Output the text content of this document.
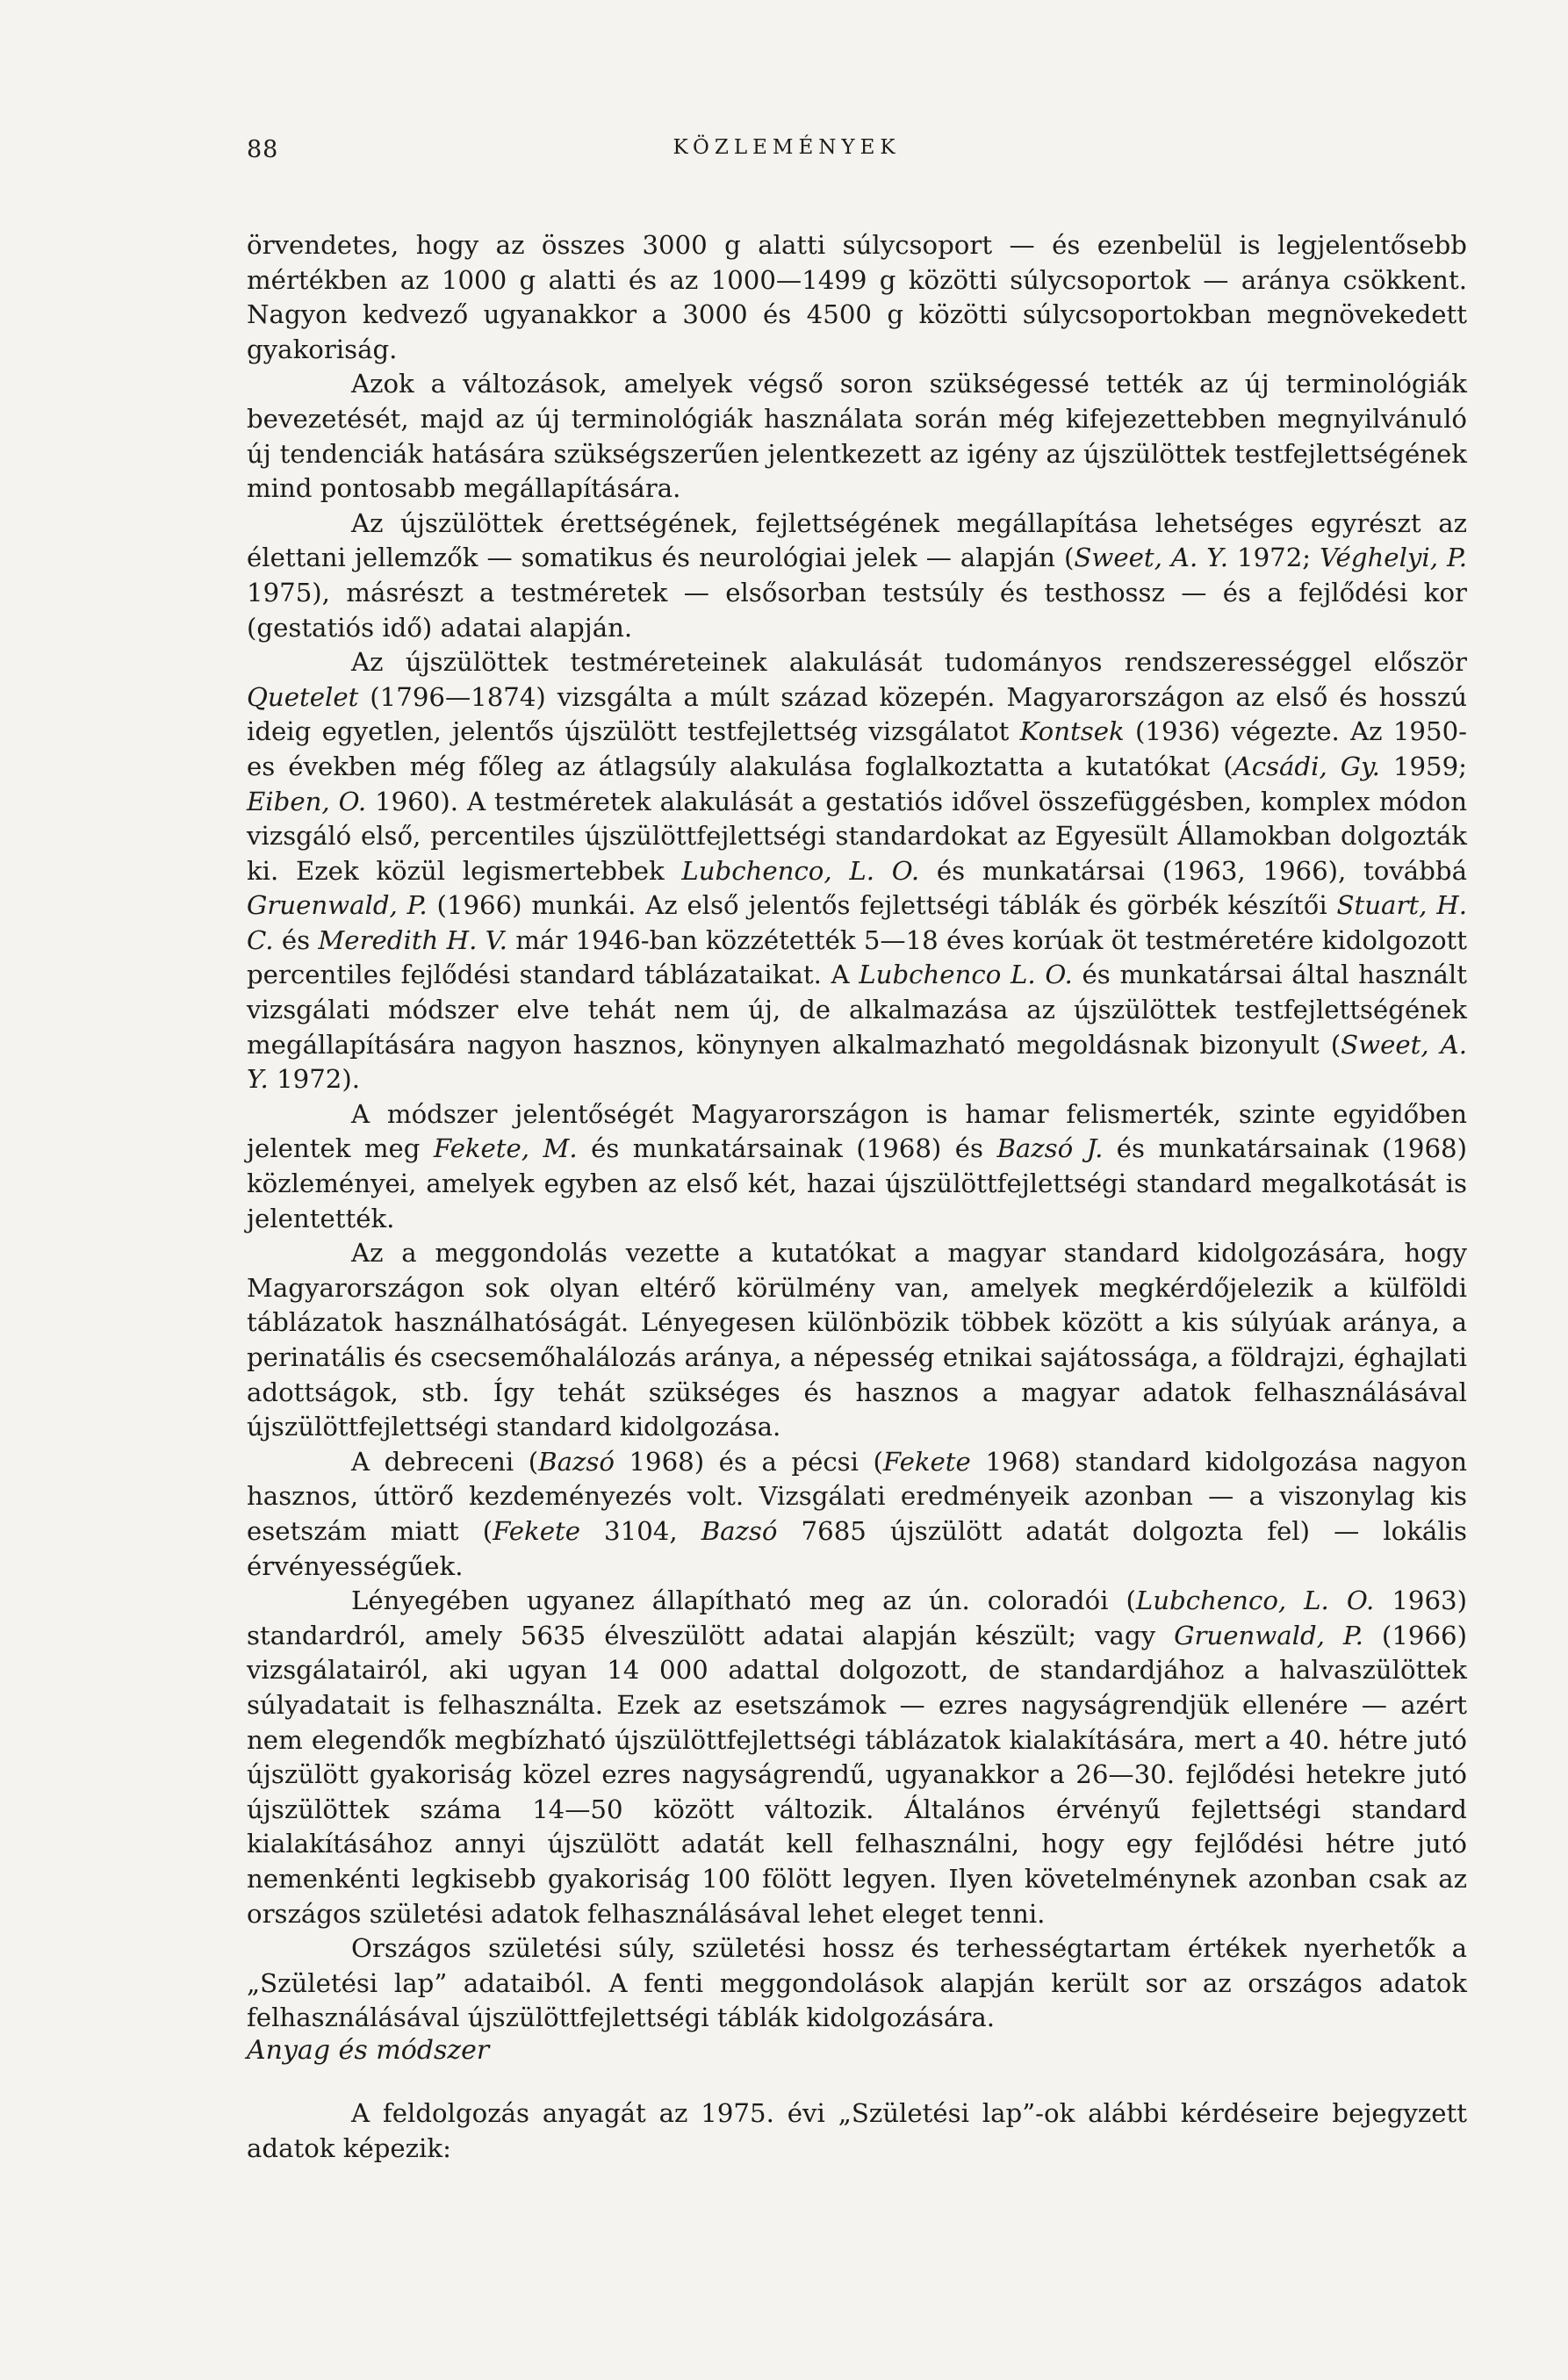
88	KÖZLEMÉNYEK

örvendetes, hogy az összes 3000 g alatti súlycsoport — és ezenbelül is legjelentősebb mértékben az 1000 g alatti és az 1000—1499 g közötti súlycsoportok — aránya csökkent. Nagyon kedvező ugyanakkor a 3000 és 4500 g közötti súlycsoportokban megnövekedett gyakoriság.

Azok a változások, amelyek végső soron szükségessé tették az új terminológiák bevezetését, majd az új terminológiák használata során még kifejezettebben megnyilvánuló új tendenciák hatására szükségszerűen jelentkezett az igény az újszülöttek testfejlettségének mind pontosabb megállapítására.

Az újszülöttek érettségének, fejlettségének megállapítása lehetséges egyrészt az élettani jellemzők — somatikus és neurológiai jelek — alapján (Sweet, A. Y. 1972; Véghelyi, P. 1975), másrészt a testméretek — elsősorban testsúly és testhossz — és a fejlődési kor (gestatiós idő) adatai alapján.

Az újszülöttek testméreteinek alakulását tudományos rendszerességgel először Quetelet (1796—1874) vizsgálta a múlt század közepén. Magyarországon az első és hosszú ideig egyetlen, jelentős újszülött testfejlettség vizsgálatot Kontsek (1936) végezte. Az 1950-es években még főleg az átlagsúly alakulása foglalkoztatta a kutatókat (Acsádi, Gy. 1959; Eiben, O. 1960). A testméretek alakulását a gestatiós idővel összefüggésben, komplex módon vizsgáló első, percentiles újszülöttfejlettségi standardokat az Egyesült Államokban dolgozták ki. Ezek közül legismertebbek Lubchenco, L. O. és munkatársai (1963, 1966), továbbá Gruenwald, P. (1966) munkái. Az első jelentős fejlettségi táblák és görbék készítői Stuart, H. C. és Meredith H. V. már 1946-ban közzétették 5—18 éves korúak öt testméretére kidolgozott percentiles fejlődési standard táblázataikat. A Lubchenco L. O. és munkatársai által használt vizsgálati módszer elve tehát nem új, de alkalmazása az újszülöttek testfejlettségének megállapítására nagyon hasznos, könynyen alkalmazható megoldásnak bizonyult (Sweet, A. Y. 1972).

A módszer jelentőségét Magyarországon is hamar felismerték, szinte egyidőben jelentek meg Fekete, M. és munkatársainak (1968) és Bazsó J. és munkatársainak (1968) közleményei, amelyek egyben az első két, hazai újszülöttfejlettségi standard megalkotását is jelentették.

Az a meggondolás vezette a kutatókat a magyar standard kidolgozására, hogy Magyarországon sok olyan eltérő körülmény van, amelyek megkérdőjelezik a külföldi táblázatok használhatóságát. Lényegesen különbözik többek között a kis súlyúak aránya, a perinatális és csecsemőhalálozás aránya, a népesség etnikai sajátossága, a földrajzi, éghajlati adottságok, stb. Így tehát szükséges és hasznos a magyar adatok felhasználásával újszülöttfejlettségi standard kidolgozása.

A debreceni (Bazsó 1968) és a pécsi (Fekete 1968) standard kidolgozása nagyon hasznos, úttörő kezdeményezés volt. Vizsgálati eredményeik azonban — a viszonylag kis esetszám miatt (Fekete 3104, Bazsó 7685 újszülött adatát dolgozta fel) — lokális érvényességűek.

Lényegében ugyanez állapítható meg az ún. coloradói (Lubchenco, L. O. 1963) standardról, amely 5635 élveszülött adatai alapján készült; vagy Gruenwald, P. (1966) vizsgálatairól, aki ugyan 14 000 adattal dolgozott, de standardjához a halvaszülöttek súlyadatait is felhasználta. Ezek az esetszámok — ezres nagyságrendjük ellenére — azért nem elegendők megbízható újszülöttfejlettségi táblázatok kialakítására, mert a 40. hétre jutó újszülött gyakoriság közel ezres nagyságrendű, ugyanakkor a 26—30. fejlődési hetekre jutó újszülöttek száma 14—50 között változik. Általános érvényű fejlettségi standard kialakításához annyi újszülött adatát kell felhasználni, hogy egy fejlődési hétre jutó nemenkénti legkisebb gyakoriság 100 fölött legyen. Ilyen követelménynek azonban csak az országos születési adatok felhasználásával lehet eleget tenni.

Országos születési súly, születési hossz és terhességtartam értékek nyerhetők a „Születési lap” adataiból. A fenti meggondolások alapján került sor az országos adatok felhasználásával újszülöttfejlettségi táblák kidolgozására.

Anyag és módszer

A feldolgozás anyagát az 1975. évi „Születési lap”-ok alábbi kérdéseire bejegyzett adatok képezik:
